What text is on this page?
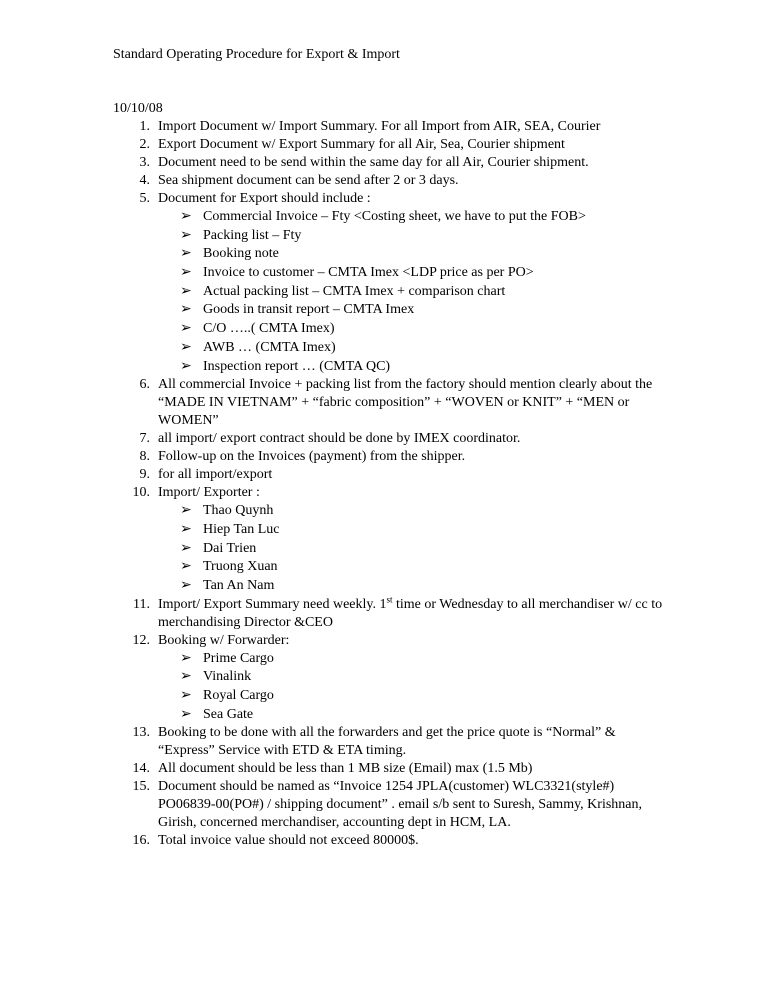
Standard Operating Procedure for Export & Import
10/10/08
1. Import Document w/ Import Summary. For all Import from AIR, SEA, Courier
2. Export Document w/ Export Summary for all Air, Sea, Courier shipment
3. Document need to be send within the same day for all Air, Courier shipment.
4. Sea shipment document can be send after 2 or 3 days.
5. Document for Export should include :
➢ Commercial Invoice – Fty <Costing sheet, we have to put the FOB>
➢ Packing list – Fty
➢ Booking note
➢ Invoice to customer – CMTA Imex <LDP price as per PO>
➢ Actual packing list – CMTA Imex + comparison chart
➢ Goods in transit report – CMTA Imex
➢ C/O …..( CMTA Imex)
➢ AWB … (CMTA Imex)
➢ Inspection report … (CMTA QC)
6. All commercial Invoice + packing list from the factory should mention clearly about the “MADE IN VIETNAM” + “fabric composition” + “WOVEN or KNIT” + “MEN or WOMEN”
7. all import/ export contract should be done by IMEX coordinator.
8. Follow-up on the Invoices (payment) from the shipper.
9. for all import/export
10. Import/ Exporter :
➢ Thao Quynh
➢ Hiep Tan Luc
➢ Dai Trien
➢ Truong Xuan
➢ Tan An Nam
11. Import/ Export Summary need weekly. 1st time or Wednesday to all merchandiser w/ cc to merchandising Director &CEO
12. Booking w/ Forwarder:
➢ Prime Cargo
➢ Vinalink
➢ Royal Cargo
➢ Sea Gate
13. Booking to be done with all the forwarders and get the price quote is “Normal” & “Express” Service with ETD & ETA timing.
14. All document should be less than 1 MB size (Email) max (1.5 Mb)
15. Document should be named as “Invoice 1254 JPLA(customer) WLC3321(style#) PO06839-00(PO#) / shipping document” . email s/b sent to Suresh, Sammy, Krishnan, Girish, concerned merchandiser, accounting dept in HCM, LA.
16. Total invoice value should not exceed 80000$.
